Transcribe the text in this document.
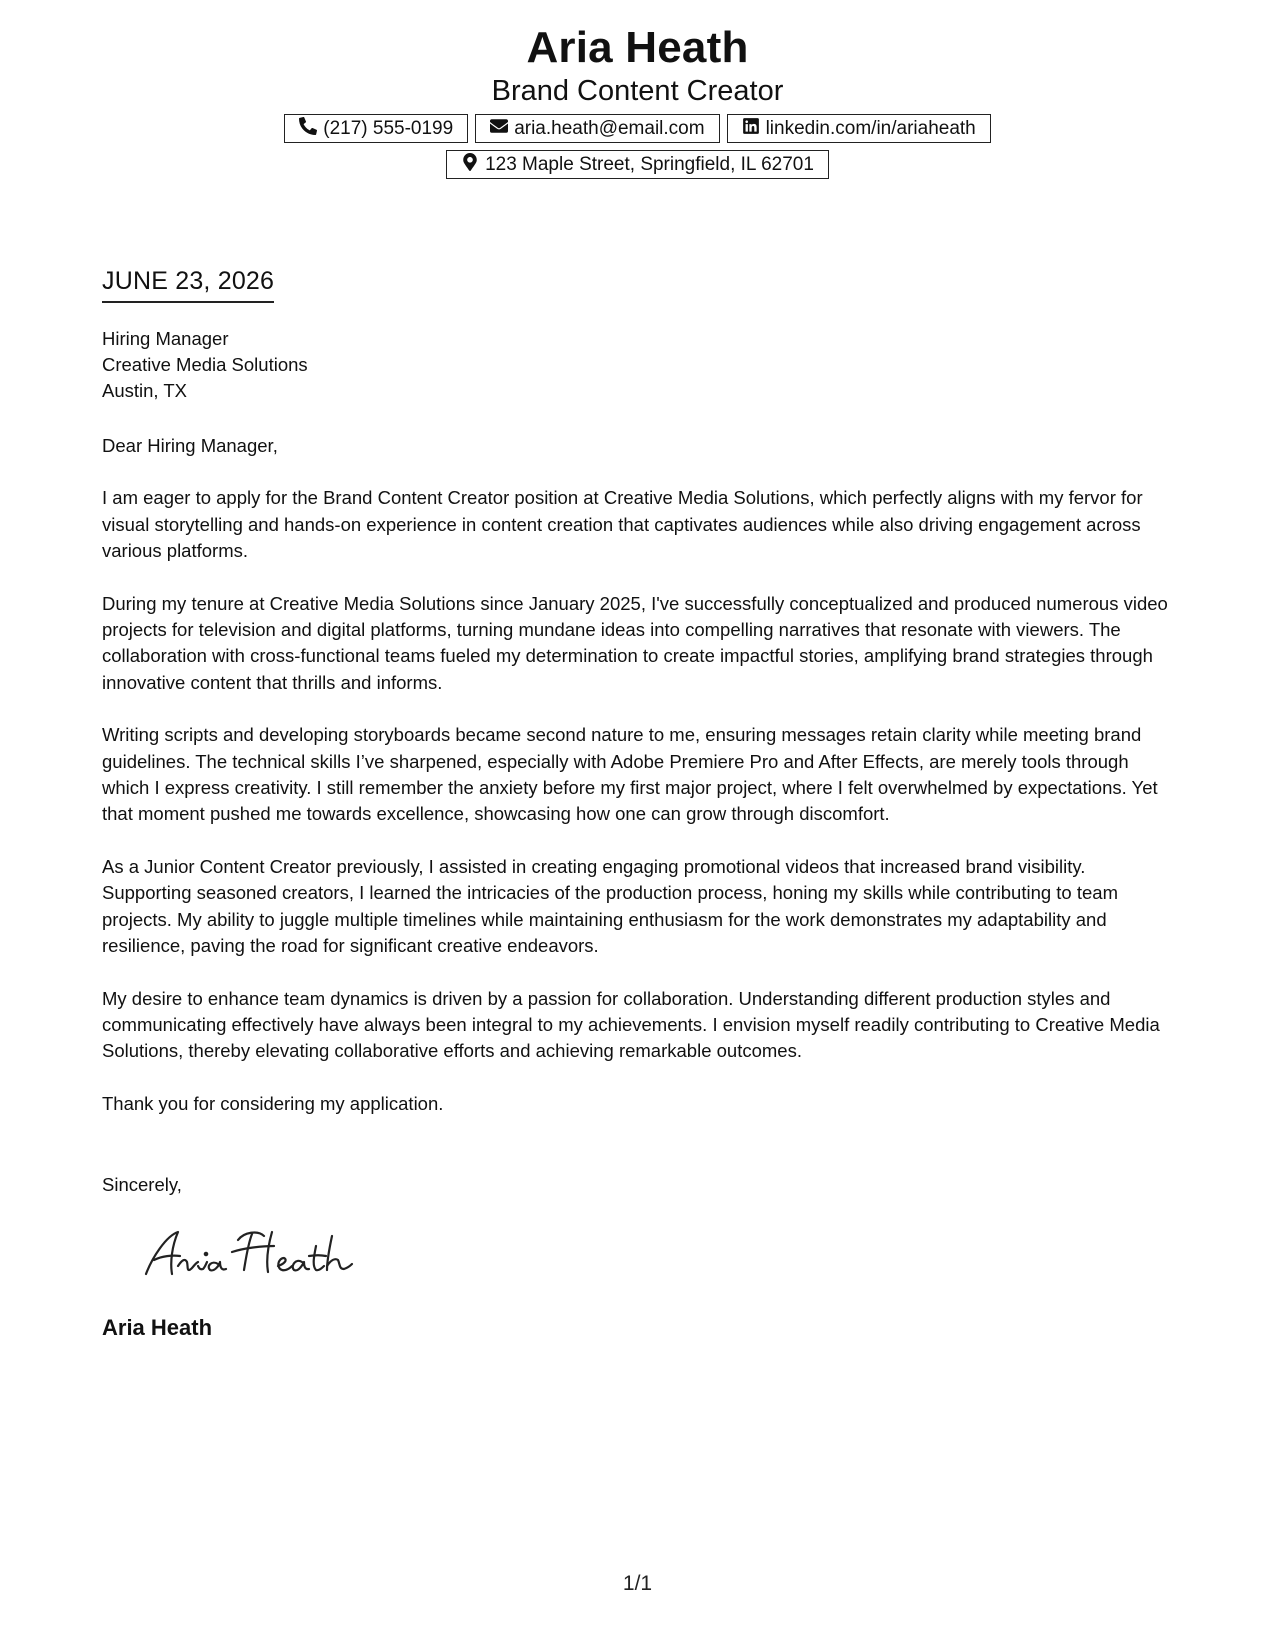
Aria Heath
Brand Content Creator
(217) 555-0199	aria.heath@email.com	linkedin.com/in/ariaheath
123 Maple Street, Springfield, IL 62701
JUNE 23, 2026
Hiring Manager
Creative Media Solutions
Austin, TX

Dear Hiring Manager,

I am eager to apply for the Brand Content Creator position at Creative Media Solutions, which perfectly aligns with my fervor for visual storytelling and hands-on experience in content creation that captivates audiences while also driving engagement across various platforms.

During my tenure at Creative Media Solutions since January 2025, I've successfully conceptualized and produced numerous video projects for television and digital platforms, turning mundane ideas into compelling narratives that resonate with viewers. The collaboration with cross-functional teams fueled my determination to create impactful stories, amplifying brand strategies through innovative content that thrills and informs.

Writing scripts and developing storyboards became second nature to me, ensuring messages retain clarity while meeting brand guidelines. The technical skills I’ve sharpened, especially with Adobe Premiere Pro and After Effects, are merely tools through which I express creativity. I still remember the anxiety before my first major project, where I felt overwhelmed by expectations. Yet that moment pushed me towards excellence, showcasing how one can grow through discomfort.

As a Junior Content Creator previously, I assisted in creating engaging promotional videos that increased brand visibility. Supporting seasoned creators, I learned the intricacies of the production process, honing my skills while contributing to team projects. My ability to juggle multiple timelines while maintaining enthusiasm for the work demonstrates my adaptability and resilience, paving the road for significant creative endeavors.

My desire to enhance team dynamics is driven by a passion for collaboration. Understanding different production styles and communicating effectively have always been integral to my achievements. I envision myself readily contributing to Creative Media Solutions, thereby elevating collaborative efforts and achieving remarkable outcomes.

Thank you for considering my application.

Sincerely,
Aria Heath
1/1
